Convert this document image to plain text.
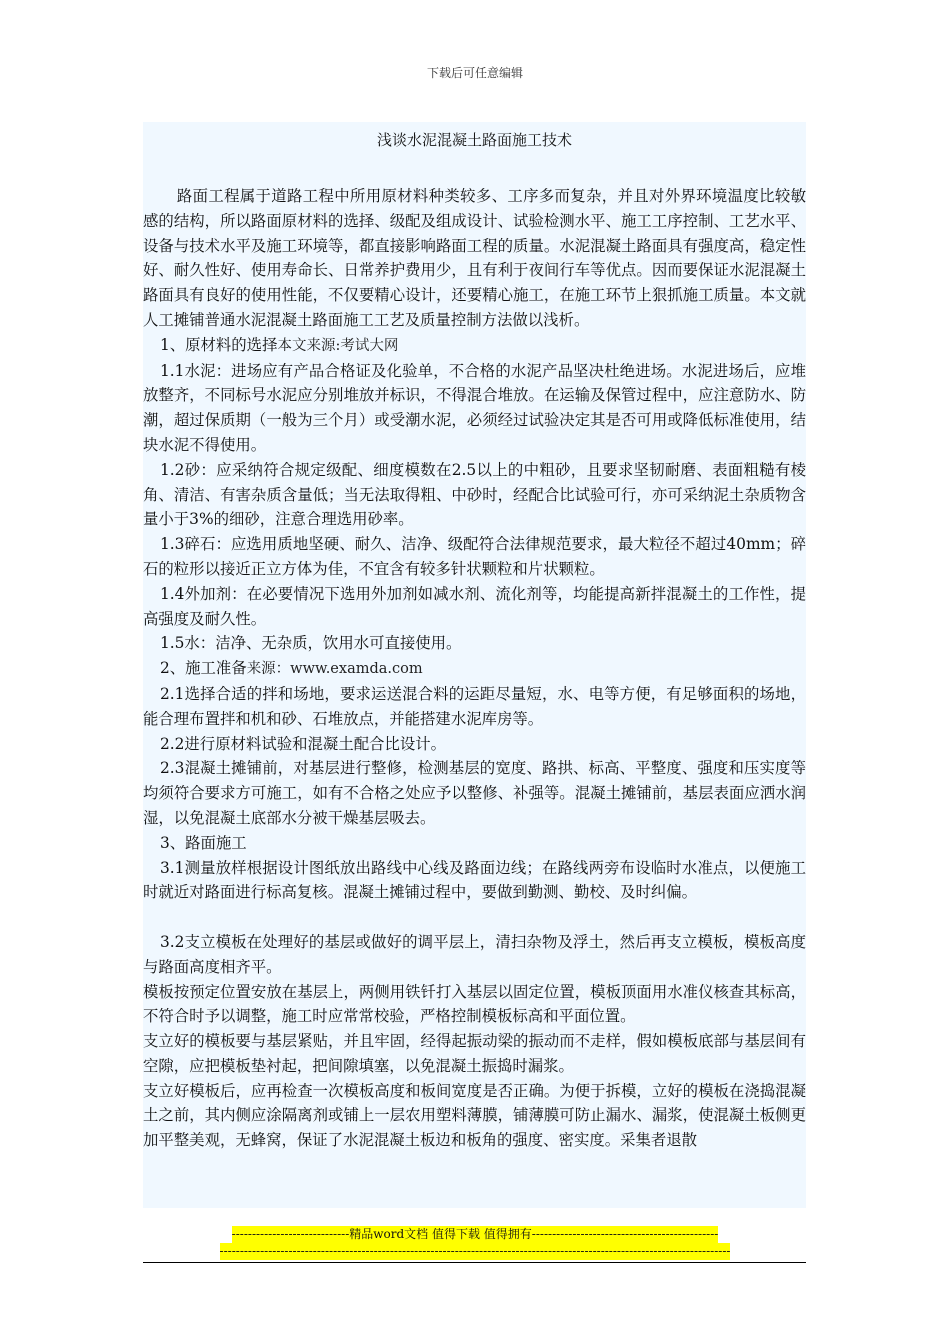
下载后可任意编辑
浅谈水泥混凝土路面施工技术

路面工程属于道路工程中所用原材料种类较多、工序多而复杂，并且对外界环境温度比较敏感的结构，所以路面原材料的选择、级配及组成设计、试验检测水平、施工工序控制、工艺水平、设备与技术水平及施工环境等，都直接影响路面工程的质量。水泥混凝土路面具有强度高，稳定性好、耐久性好、使用寿命长、日常养护费用少，且有利于夜间行车等优点。因而要保证水泥混凝土路面具有良好的使用性能，不仅要精心设计，还要精心施工，在施工环节上狠抓施工质量。本文就人工摊铺普通水泥混凝土路面施工工艺及质量控制方法做以浅析。

1、原材料的选择本文来源:考试大网

1.1水泥：进场应有产品合格证及化验单，不合格的水泥产品坚决杜绝进场。水泥进场后，应堆放整齐，不同标号水泥应分别堆放并标识，不得混合堆放。在运输及保管过程中，应注意防水、防潮，超过保质期（一般为三个月）或受潮水泥，必须经过试验决定其是否可用或降低标准使用，结块水泥不得使用。

1.2砂：应采纳符合规定级配、细度模数在2.5以上的中粗砂，且要求坚韧耐磨、表面粗糙有棱角、清洁、有害杂质含量低；当无法取得粗、中砂时，经配合比试验可行，亦可采纳泥土杂质物含量小于3%的细砂，注意合理选用砂率。

1.3碎石：应选用质地坚硬、耐久、洁净、级配符合法律规范要求，最大粒径不超过40mm；碎石的粒形以接近正立方体为佳，不宜含有较多针状颗粒和片状颗粒。

1.4外加剂：在必要情况下选用外加剂如减水剂、流化剂等，均能提高新拌混凝土的工作性，提高强度及耐久性。

1.5水：洁净、无杂质，饮用水可直接使用。

2、施工准备来源：www.examda.com

2.1选择合适的拌和场地，要求运送混合料的运距尽量短，水、电等方便，有足够面积的场地，能合理布置拌和机和砂、石堆放点，并能搭建水泥库房等。

2.2进行原材料试验和混凝土配合比设计。

2.3混凝土摊铺前，对基层进行整修，检测基层的宽度、路拱、标高、平整度、强度和压实度等均须符合要求方可施工，如有不合格之处应予以整修、补强等。混凝土摊铺前，基层表面应洒水润湿，以免混凝土底部水分被干燥基层吸去。

3、路面施工

3.1测量放样根据设计图纸放出路线中心线及路面边线；在路线两旁布设临时水准点，以便施工时就近对路面进行标高复核。混凝土摊铺过程中，要做到勤测、勤校、及时纠偏。

3.2支立模板在处理好的基层或做好的调平层上，清扫杂物及浮土，然后再支立模板，模板高度与路面高度相齐平。

模板按预定位置安放在基层上，两侧用铁钎打入基层以固定位置，模板顶面用水准仪核查其标高，不符合时予以调整，施工时应常常校验，严格控制模板标高和平面位置。

支立好的模板要与基层紧贴，并且牢固，经得起振动梁的振动而不走样，假如模板底部与基层间有空隙，应把模板垫衬起，把间隙填塞，以免混凝土振捣时漏浆。

支立好模板后，应再检查一次模板高度和板间宽度是否正确。为便于拆模，立好的模板在浇捣混凝土之前，其内侧应涂隔离剂或铺上一层农用塑料薄膜，铺薄膜可防止漏水、漏浆，使混凝土板侧更加平整美观，无蜂窝，保证了水泥混凝土板边和板角的强度、密实度。采集者退散

-----------------------------精品word文档 值得下载 值得拥有----------------------------------------------
------------------------------------------------------------------------------------------------------------------------------
